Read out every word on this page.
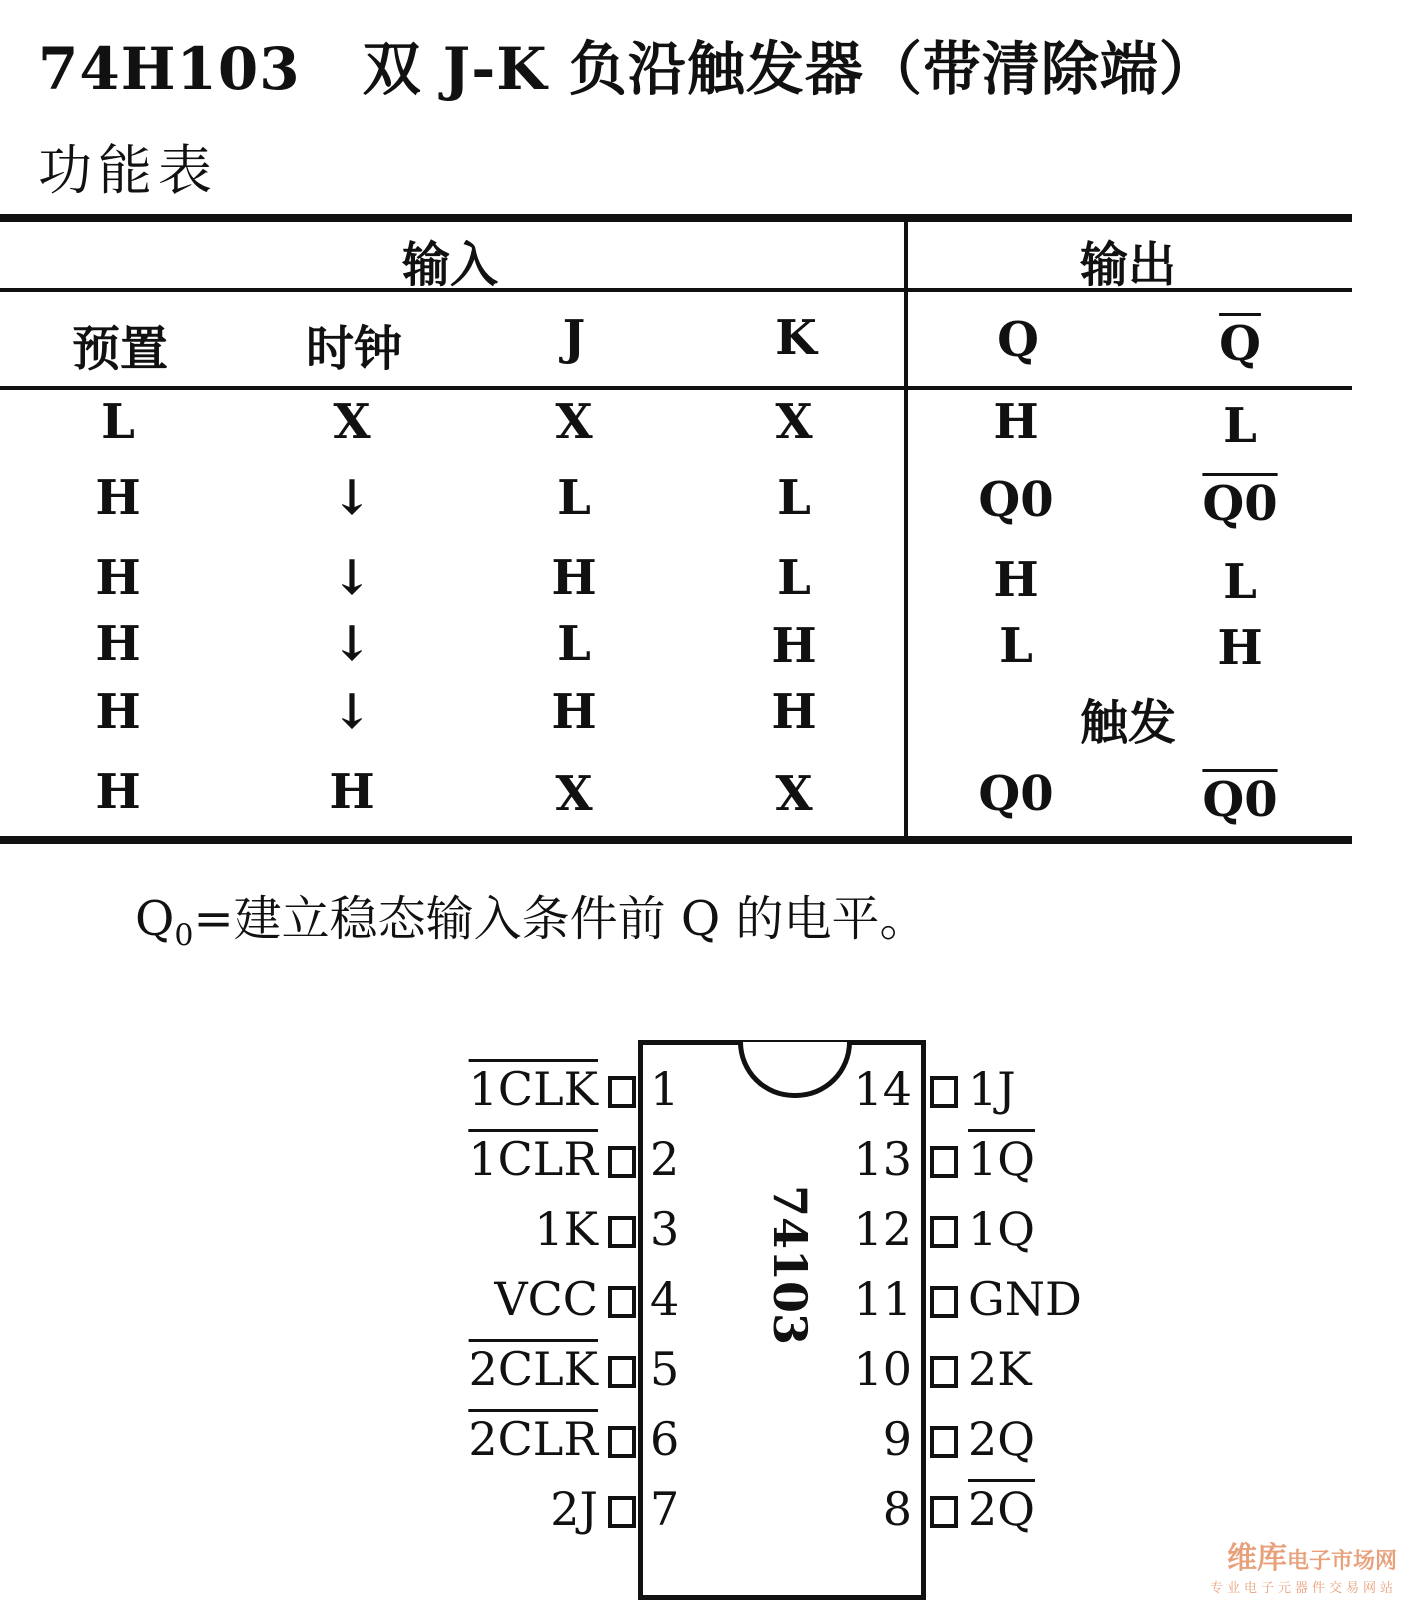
74H103 双 J-K 负沿触发器（带清除端）
功能表
输入	输出
预置	时钟	J	K	Q	$\overline{Q}$
L	X	X	X	H	L
H	↓	L	L	Q0	Q0
H	↓	H	L	H	L
H	↓	L	H	L	H
H	↓	H	H	触发
H	H	X	X	Q0	Q0
$Q_0=$建立稳态输入条件前 Q 的电平。
74103
1
1CLK
2
1CLR
3
1K
4
VCC
5
2CLK
6
2CLR
7
2J
14 1J
13 1Q
12 1Q
11 GND
10 2K
9 2Q
8 2Q
维库电子市场网
专业电子元器件交易网站
